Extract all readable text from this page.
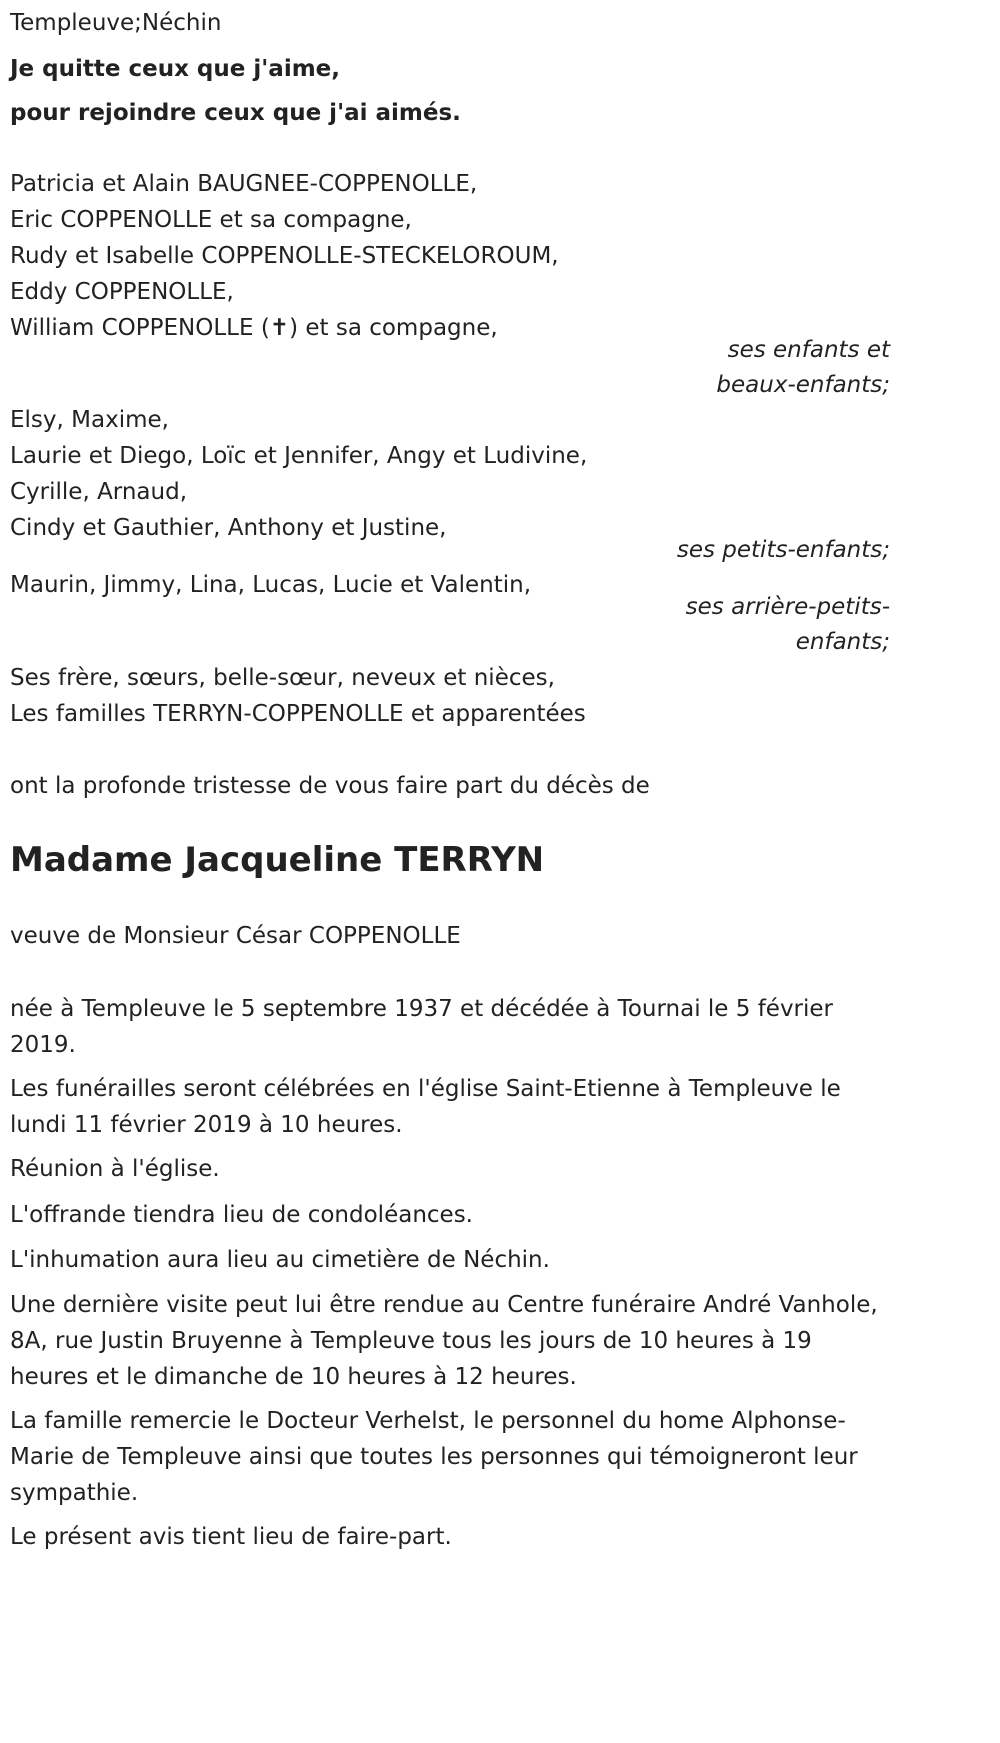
Templeuve;Néchin
Je quitte ceux que j'aime,
pour rejoindre ceux que j'ai aimés.
Patricia et Alain BAUGNEE-COPPENOLLE,
Eric COPPENOLLE et sa compagne,
Rudy et Isabelle COPPENOLLE-STECKELOROUM,
Eddy COPPENOLLE,
William COPPENOLLE (✝) et sa compagne,
ses enfants et
beaux-enfants;
Elsy, Maxime,
Laurie et Diego, Loïc et Jennifer, Angy et Ludivine,
Cyrille, Arnaud,
Cindy et Gauthier, Anthony et Justine,
ses petits-enfants;
Maurin, Jimmy, Lina, Lucas, Lucie et Valentin,
ses arrière-petits-
enfants;
Ses frère, sœurs, belle-sœur, neveux et nièces,
Les familles TERRYN-COPPENOLLE et apparentées
ont la profonde tristesse de vous faire part du décès de
Madame Jacqueline TERRYN
veuve de Monsieur César COPPENOLLE
née à Templeuve le 5 septembre 1937 et décédée à Tournai le 5 février 2019.
Les funérailles seront célébrées en l'église Saint-Etienne à Templeuve le lundi 11 février 2019 à 10 heures.
Réunion à l'église.
L'offrande tiendra lieu de condoléances.
L'inhumation aura lieu au cimetière de Néchin.
Une dernière visite peut lui être rendue au Centre funéraire André Vanhole, 8A, rue Justin Bruyenne à Templeuve tous les jours de 10 heures à 19 heures et le dimanche de 10 heures à 12 heures.
La famille remercie le Docteur Verhelst, le personnel du home Alphonse-Marie de Templeuve ainsi que toutes les personnes qui témoigneront leur sympathie.
Le présent avis tient lieu de faire-part.
